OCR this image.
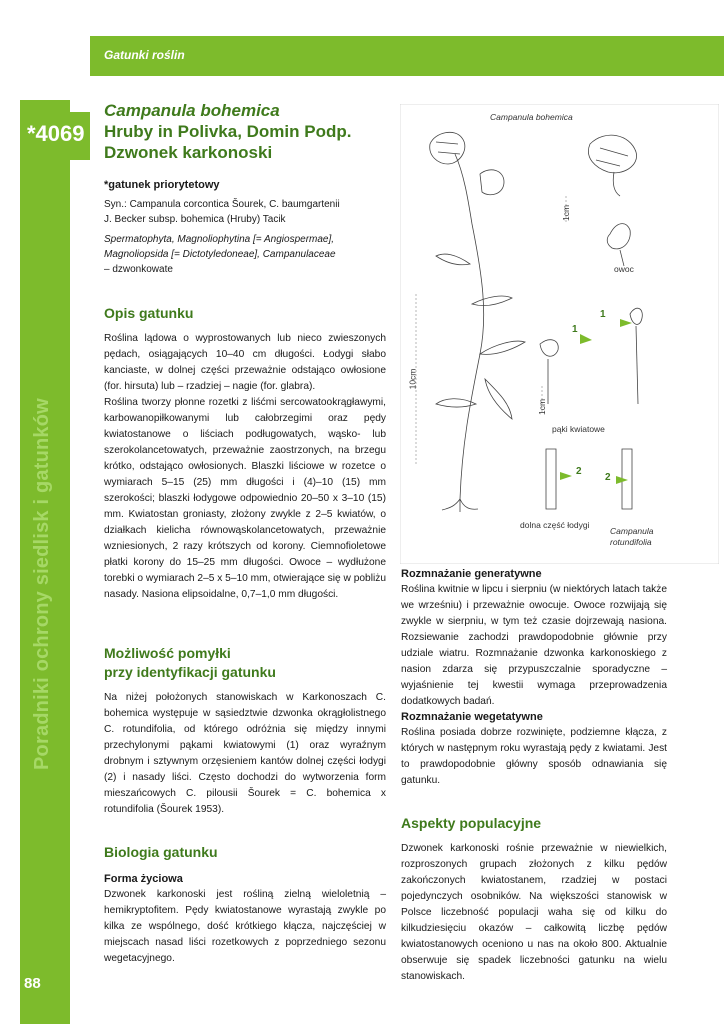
Gatunki roślin
*4069
Poradniki ochrony siedlisk i gatunków
88
Campanula bohemica
Hruby in Polivka, Domin Podp.
Dzwonek karkonoski
*gatunek priorytetowy

Syn.: Campanula corcontica Šourek, C. baumgartenii

J. Becker subsp. bohemica (Hruby) Tacik

Spermatophyta, Magnoliophytina [= Angiospermae],

Magnoliopsida [= Dictotyledoneae], Campanulaceae

– dzwonkowate

Opis gatunku

Roślina lądowa o wyprostowanych lub nieco zwieszonych pędach, osiągających 10–40 cm długości. Łodygi słabo kanciaste, w dolnej części przeważnie odstająco owłosione (for. hirsuta) lub – rzadziej – nagie (for. glabra).

Roślina tworzy płonne rozetki z liśćmi sercowatookrągławymi, karbowanopiłkowanymi lub całobrzegimi oraz pędy kwiatostanowe o liściach podługowatych, wąsko- lub szerokolancetowatych, przeważnie zaostrzonych, na brzegu krótko, odstająco owłosionych. Blaszki liściowe w rozetce o wymiarach 5–15 (25) mm długości i (4)–10 (15) mm szerokości; blaszki łodygowe odpowiednio 20–50 x 3–10 (15) mm. Kwiatostan groniasty, złożony zwykle z 2–5 kwiatów, o działkach kielicha równowąskolancetowatych, przeważnie wzniesionych, 2 razy krótszych od korony. Ciemnofioletowe płatki korony do 15–25 mm długości. Owoce – wydłużone torebki o wymiarach 2–5 x 5–10 mm, otwierające się w pobliżu nasady. Nasiona elipsoidalne, 0,7–1,0 mm długości.

Możliwość pomyłki
przy identyfikacji gatunku

Na niżej położonych stanowiskach w Karkonoszach C. bohemica występuje w sąsiedztwie dzwonka okrągłolistnego C. rotundifolia, od którego odróżnia się między innymi przechylonymi pąkami kwiatowymi (1) oraz wyraźnym drobnym i sztywnym orzęsieniem kantów dolnej części łodygi (2) i nasady liści. Często dochodzi do wytworzenia form mieszańcowych C. pilousii Šourek = C. bohemica x rotundifolia (Šourek 1953).

Biologia gatunku
Forma życiowa

Dzwonek karkonoski jest rośliną zielną wieloletnią – hemikryptofitem. Pędy kwiatostanowe wyrastają zwykle po kilka ze wspólnego, dość krótkiego kłącza, najczęściej w miejscach nasad liści rozetkowych z poprzedniego sezonu wegetacyjnego.

Campanula bohemica
1cm
10cm
1cm
owoc
pąki kwiatowe
dolna część łodygi
Campanula
rotundifolia
1
1
2
2
Rozmnażanie generatywne

Roślina kwitnie w lipcu i sierpniu (w niektórych latach także we wrześniu) i przeważnie owocuje. Owoce rozwijają się zwykle w sierpniu, w tym też czasie dojrzewają nasiona. Rozsiewanie zachodzi prawdopodobnie głównie przy udziale wiatru. Rozmnażanie dzwonka karkonoskiego z nasion zdarza się przypuszczalnie sporadyczne – wyjaśnienie tej kwestii wymaga przeprowadzenia dodatkowych badań.

Rozmnażanie wegetatywne

Roślina posiada dobrze rozwinięte, podziemne kłącza, z których w następnym roku wyrastają pędy z kwiatami. Jest to prawdopodobnie główny sposób odnawiania się gatunku.

Aspekty populacyjne

Dzwonek karkonoski rośnie przeważnie w niewielkich, rozproszonych grupach złożonych z kilku pędów zakończonych kwiatostanem, rzadziej w postaci pojedynczych osobników. Na większości stanowisk w Polsce liczebność populacji waha się od kilku do kilkudziesięciu okazów – całkowitą liczbę pędów kwiatostanowych oceniono u nas na około 800. Aktualnie obserwuje się spadek liczebności gatunku na wielu stanowiskach.
